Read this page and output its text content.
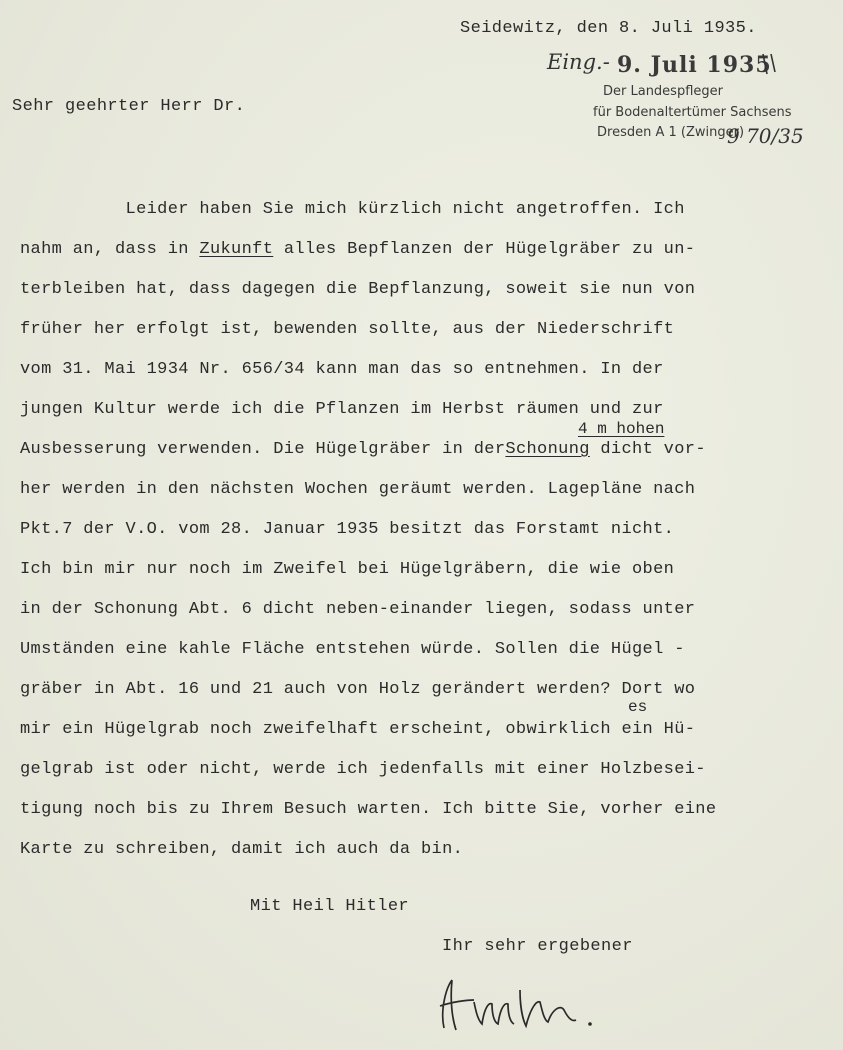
Seidewitz, den 8. Juli 1935.
Eing.- 9. Juli 1935
Der Landespfleger
für Bodenaltertümer Sachsens
Dresden A 1 (Zwinger)
9 70/35
Sehr geehrter Herr Dr.
Leider haben Sie mich kürzlich nicht angetroffen. Ich
nahm an, dass in Zukunft alles Bepflanzen der Hügelgräber zu un-
terbleiben hat, dass dagegen die Bepflanzung, soweit sie nun von
früher her erfolgt ist, bewenden sollte, aus der Niederschrift
vom 31. Mai 1934 Nr. 656/34 kann man das so entnehmen. In der
jungen Kultur werde ich die Pflanzen im Herbst räumen und zur
4 m hohen
Ausbesserung verwenden. Die Hügelgräber in derSchonung dicht vor-
her werden in den nächsten Wochen geräumt werden. Lagepläne nach
Pkt.7 der V.O. vom 28. Januar 1935 besitzt das Forstamt nicht.
Ich bin mir nur noch im Zweifel bei Hügelgräbern, die wie oben
in der Schonung Abt. 6 dicht neben-einander liegen, sodass unter
Umständen eine kahle Fläche entstehen würde. Sollen die Hügel -
gräber in Abt. 16 und 21 auch von Holz gerändert werden? Dort wo
es
mir ein Hügelgrab noch zweifelhaft erscheint, obwirklich ein Hü-
gelgrab ist oder nicht, werde ich jedenfalls mit einer Holzbesei-
tigung noch bis zu Ihrem Besuch warten. Ich bitte Sie, vorher eine
Karte zu schreiben, damit ich auch da bin.
Mit Heil Hitler
Ihr sehr ergebener
